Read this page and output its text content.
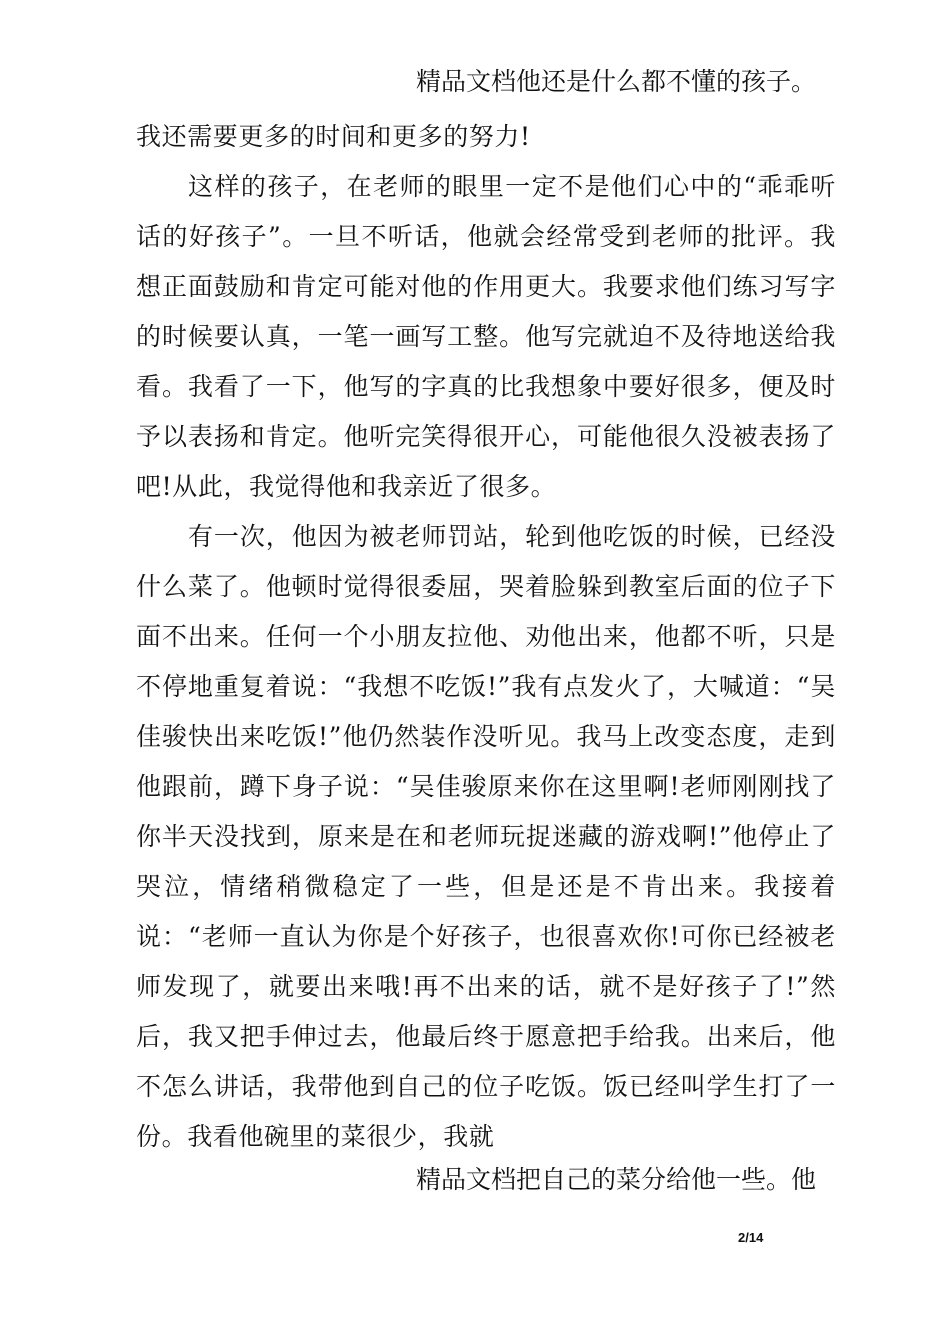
精品文档他还是什么都不懂的孩子。

我还需要更多的时间和更多的努力!

这样的孩子，在老师的眼里一定不是他们心中的“乖乖听话的好孩子”。一旦不听话，他就会经常受到老师的批评。我想正面鼓励和肯定可能对他的作用更大。我要求他们练习写字的时候要认真，一笔一画写工整。他写完就迫不及待地送给我看。我看了一下，他写的字真的比我想象中要好很多，便及时予以表扬和肯定。他听完笑得很开心，可能他很久没被表扬了吧!从此，我觉得他和我亲近了很多。

有一次，他因为被老师罚站，轮到他吃饭的时候，已经没什么菜了。他顿时觉得很委屈，哭着脸躲到教室后面的位子下面不出来。任何一个小朋友拉他、劝他出来，他都不听，只是不停地重复着说：“我想不吃饭!”我有点发火了，大喊道：“吴佳骏快出来吃饭!”他仍然装作没听见。我马上改变态度，走到他跟前，蹲下身子说：“吴佳骏原来你在这里啊!老师刚刚找了你半天没找到，原来是在和老师玩捉迷藏的游戏啊!”他停止了哭泣，情绪稍微稳定了一些，但是还是不肯出来。我接着说：“老师一直认为你是个好孩子，也很喜欢你!可你已经被老师发现了，就要出来哦!再不出来的话，就不是好孩子了!”然后，我又把手伸过去，他最后终于愿意把手给我。出来后，他不怎么讲话，我带他到自己的位子吃饭。饭已经叫学生打了一份。我看他碗里的菜很少，我就

精品文档把自己的菜分给他一些。他
2/14
